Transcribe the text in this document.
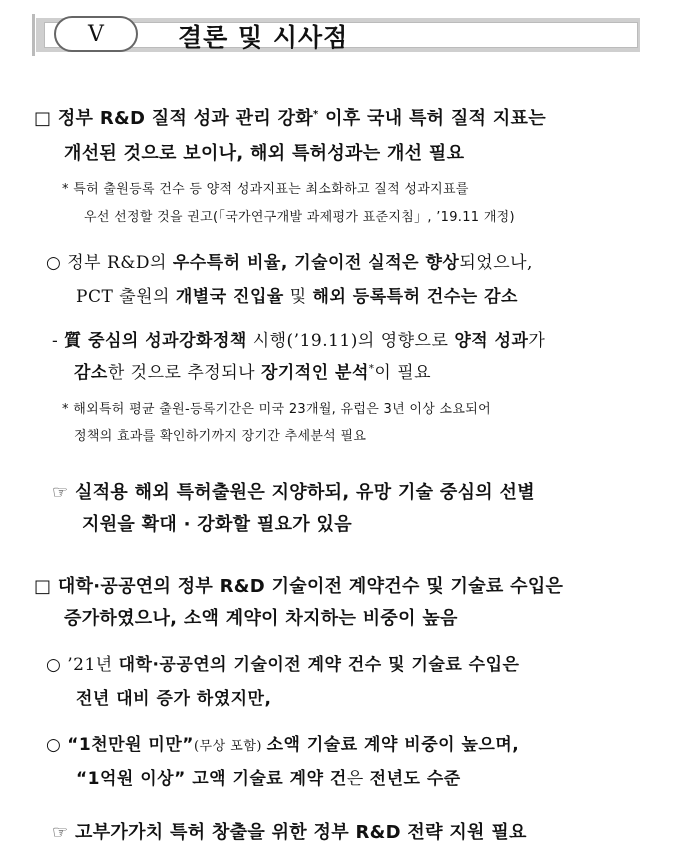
V	결론 및 시사점
□ 정부 R&D 질적 성과 관리 강화* 이후 국내 특허 질적 지표는
개선된 것으로 보이나, 해외 특허성과는 개선 필요
* 특허 출원등록 건수 등 양적 성과지표는 최소화하고 질적 성과지표를
우선 선정할 것을 권고(「국가연구개발 과제평가 표준지침」, ’19.11 개정)
○ 정부 R&D의 우수특허 비율, 기술이전 실적은 향상되었으나,
PCT 출원의 개별국 진입율 및 해외 등록특허 건수는 감소
- 質 중심의 성과강화정책 시행(’19.11)의 영향으로 양적 성과가
감소한 것으로 추정되나 장기적인 분석*이 필요
* 해외특허 평균 출원-등록기간은 미국 23개월, 유럽은 3년 이상 소요되어
정책의 효과를 확인하기까지 장기간 추세분석 필요
☞ 실적용 해외 특허출원은 지양하되, 유망 기술 중심의 선별
지원을 확대 · 강화할 필요가 있음
□ 대학·공공연의 정부 R&D 기술이전 계약건수 및 기술료 수입은
증가하였으나, 소액 계약이 차지하는 비중이 높음
○ ’21년 대학·공공연의 기술이전 계약 건수 및 기술료 수입은
전년 대비 증가 하였지만,
○ “1천만원 미만”(무상 포함) 소액 기술료 계약 비중이 높으며,
“1억원 이상” 고액 기술료 계약 건은 전년도 수준
☞ 고부가가치 특허 창출을 위한 정부 R&D 전략 지원 필요
